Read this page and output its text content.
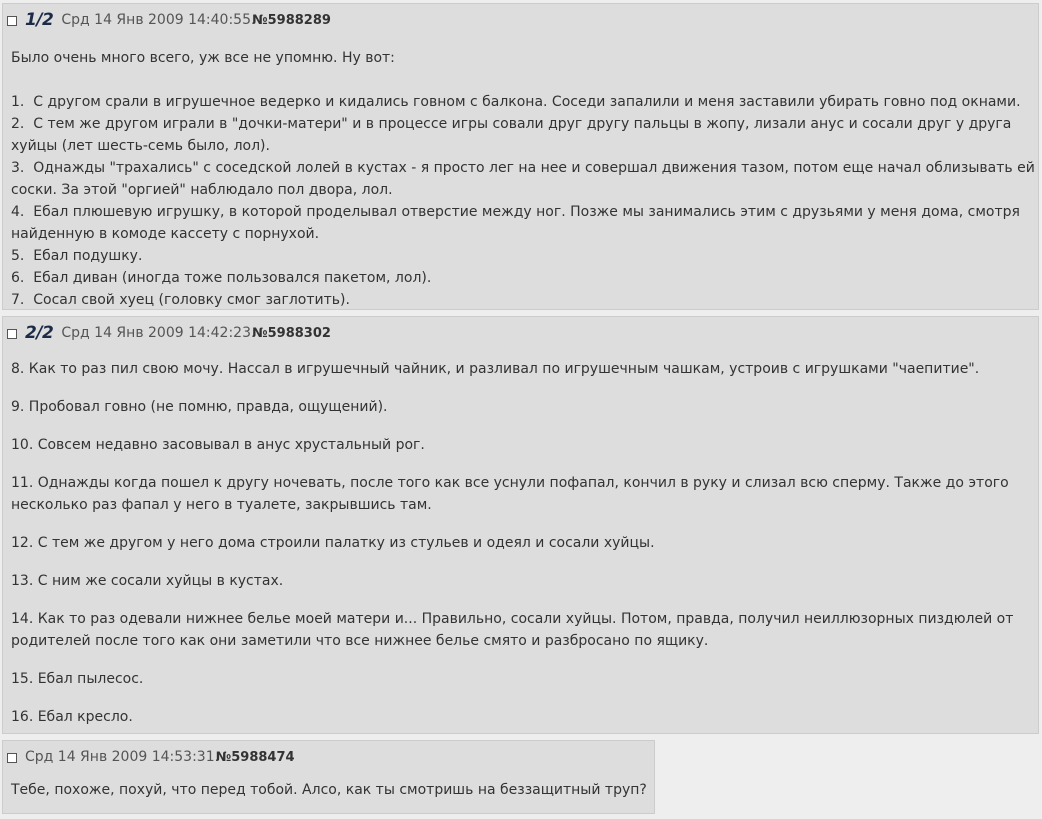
1/2 Срд 14 Янв 2009 14:40:55 №5988289
Было очень много всего, уж все не упомню. Ну вот:
1.  С другом срали в игрушечное ведерко и кидались говном с балкона. Соседи запалили и меня заставили убирать говно под окнами.
2.  С тем же другом играли в "дочки-матери" и в процессе игры совали друг другу пальцы в жопу, лизали анус и сосали друг у друга
хуйцы (лет шесть-семь было, лол).
3.  Однажды "трахались" с соседской лолей в кустах - я просто лег на нее и совершал движения тазом, потом еще начал облизывать ей
соски. За этой "оргией" наблюдало пол двора, лол.
4.  Ебал плюшевую игрушку, в которой проделывал отверстие между ног. Позже мы занимались этим с друзьями у меня дома, смотря
найденную в комоде кассету с порнухой.
5.  Ебал подушку.
6.  Ебал диван (иногда тоже пользовался пакетом, лол).
7.  Сосал свой хуец (головку смог заглотить).
2/2 Срд 14 Янв 2009 14:42:23 №5988302
8. Как то раз пил свою мочу. Нассал в игрушечный чайник, и разливал по игрушечным чашкам, устроив с игрушками "чаепитие".
9. Пробовал говно (не помню, правда, ощущений).
10. Совсем недавно засовывал в анус хрустальный рог.
11. Однажды когда пошел к другу ночевать, после того как все уснули пофапал, кончил в руку и слизал всю сперму. Также до этого
несколько раз фапал у него в туалете, закрывшись там.
12. С тем же другом у него дома строили палатку из стульев и одеял и сосали хуйцы.
13. С ним же сосали хуйцы в кустах.
14. Как то раз одевали нижнее белье моей матери и... Правильно, сосали хуйцы. Потом, правда, получил неиллюзорных пиздюлей от
родителей после того как они заметили что все нижнее белье смято и разбросано по ящику.
15. Ебал пылесос.
16. Ебал кресло.
Срд 14 Янв 2009 14:53:31 №5988474
Тебе, похоже, похуй, что перед тобой. Алсо, как ты смотришь на беззащитный труп?
